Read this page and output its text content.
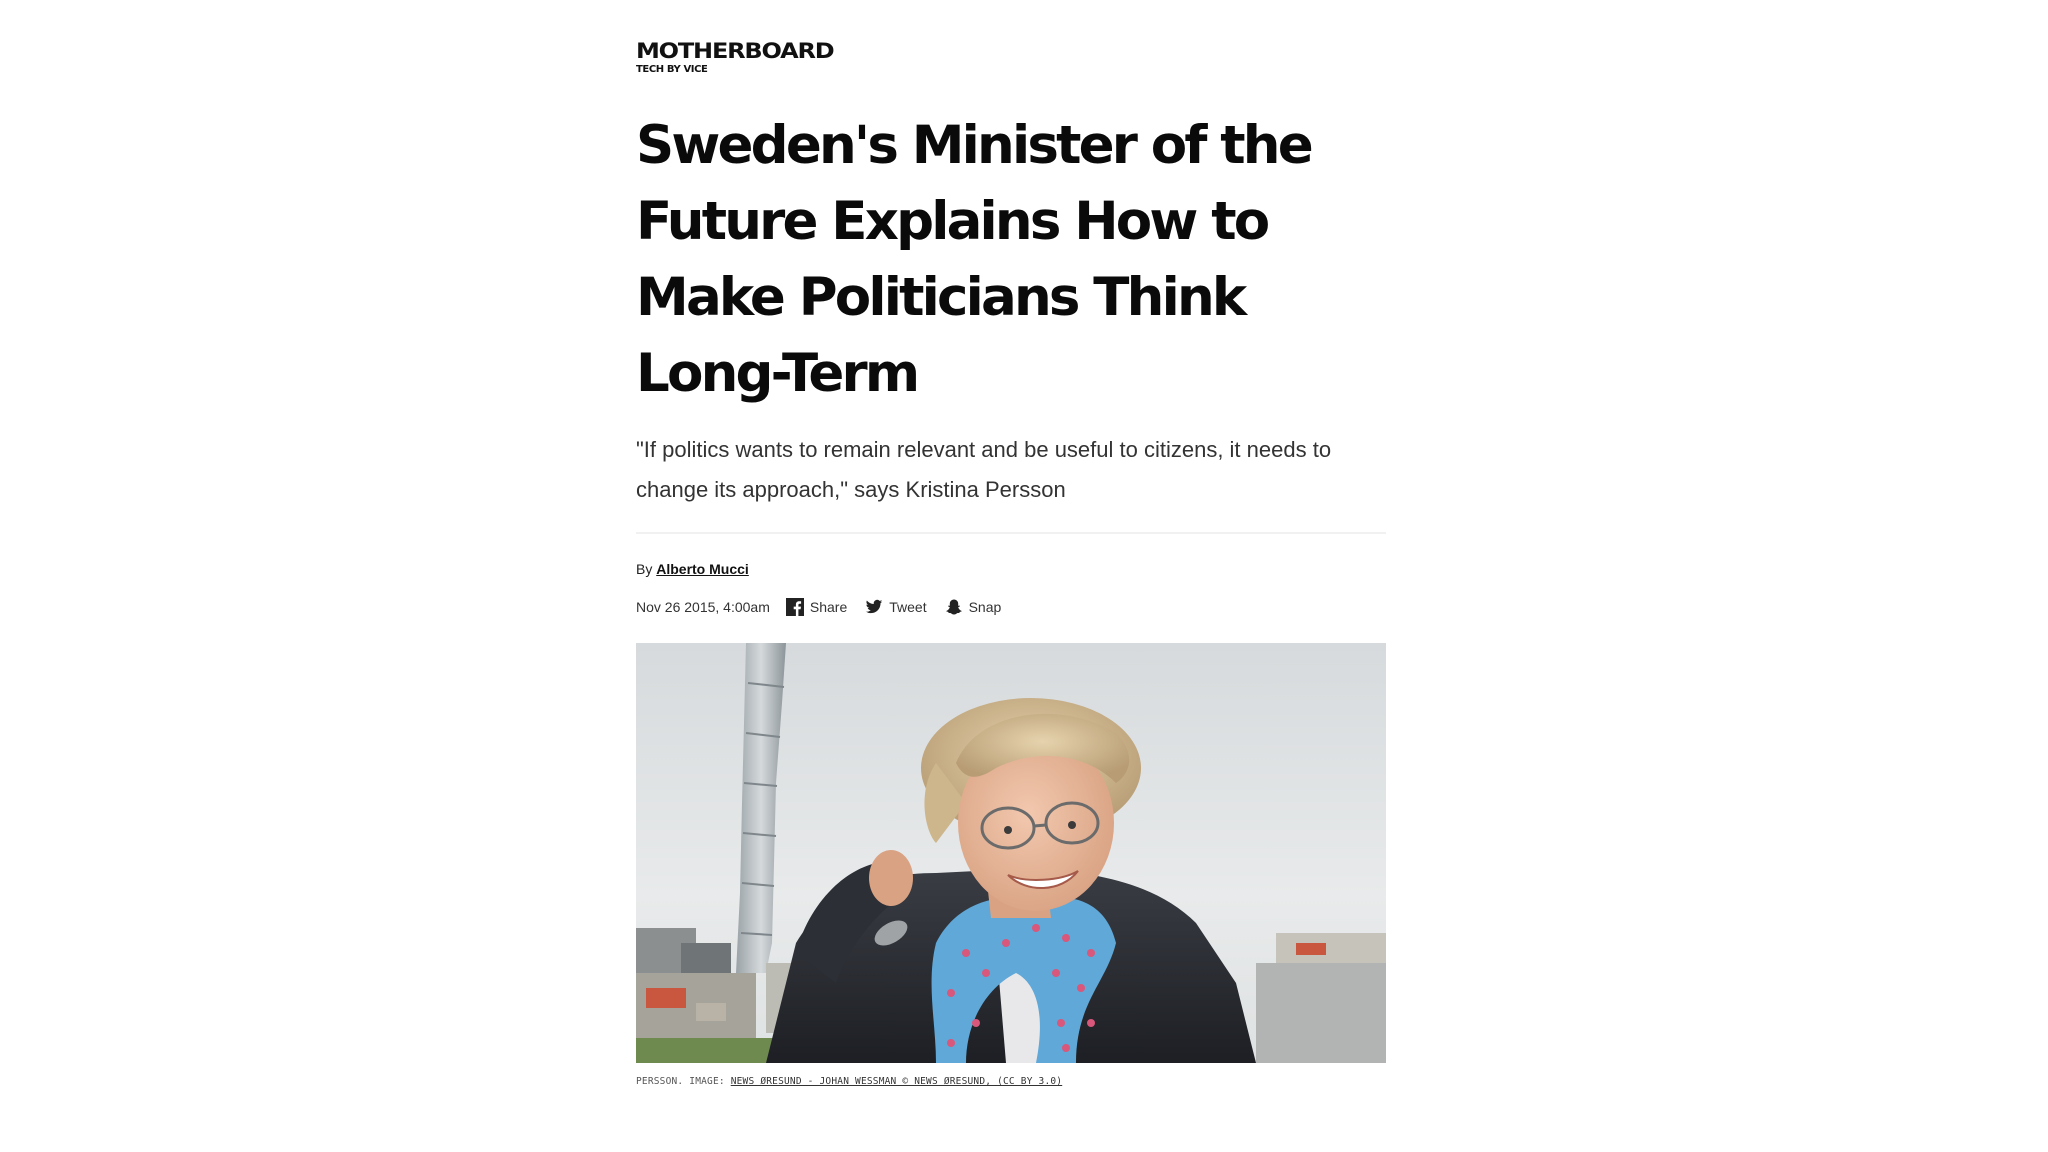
MOTHERBOARD
TECH BY VICE
Sweden's Minister of the Future Explains How to Make Politicians Think Long-Term

"If politics wants to remain relevant and be useful to citizens, it needs to change its approach," says Kristina Persson

By Alberto Mucci
Nov 26 2015, 4:00am	Share	Tweet	Snap
PERSSON. IMAGE: NEWS ØRESUND - JOHAN WESSMAN © NEWS ØRESUND, (CC BY 3.0)
